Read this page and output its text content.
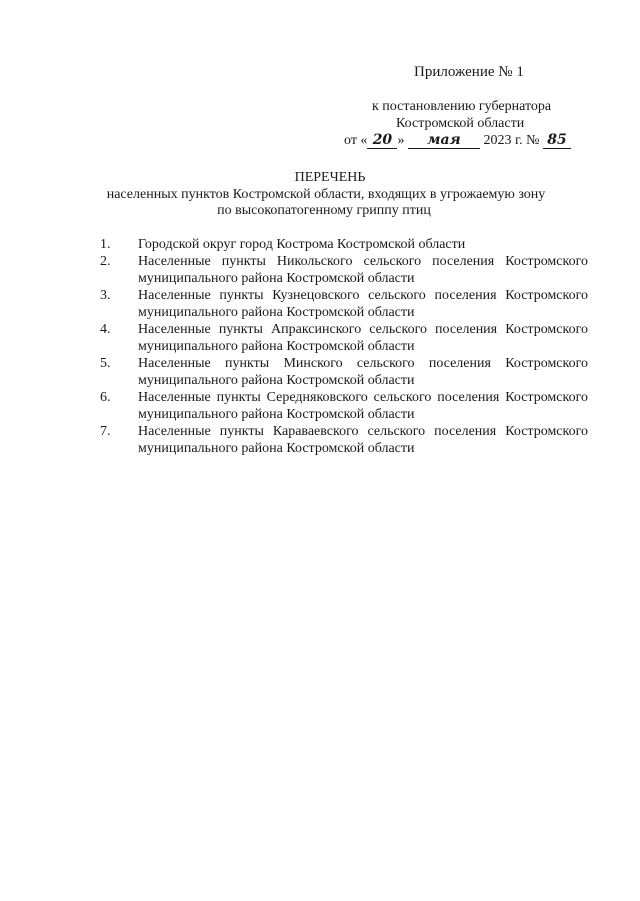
Приложение № 1
к постановлению губернатора
Костромской области
от « 20 » мая 2023 г. № 85
ПЕРЕЧЕНЬ
населенных пунктов Костромской области, входящих в угрожаемую зону
по высокопатогенному гриппу птиц
1.	Городской округ город Кострома Костромской области
2.	Населенные пункты Никольского сельского поселения Костромского муниципального района Костромской области
3.	Населенные пункты Кузнецовского сельского поселения Костромского муниципального района Костромской области
4.	Населенные пункты Апраксинского сельского поселения Костромского муниципального района Костромской области
5.	Населенные пункты Минского сельского поселения Костромского муниципального района Костромской области
6.	Населенные пункты Середняковского сельского поселения Костромского муниципального района Костромской области
7.	Населенные пункты Караваевского сельского поселения Костромского муниципального района Костромской области
